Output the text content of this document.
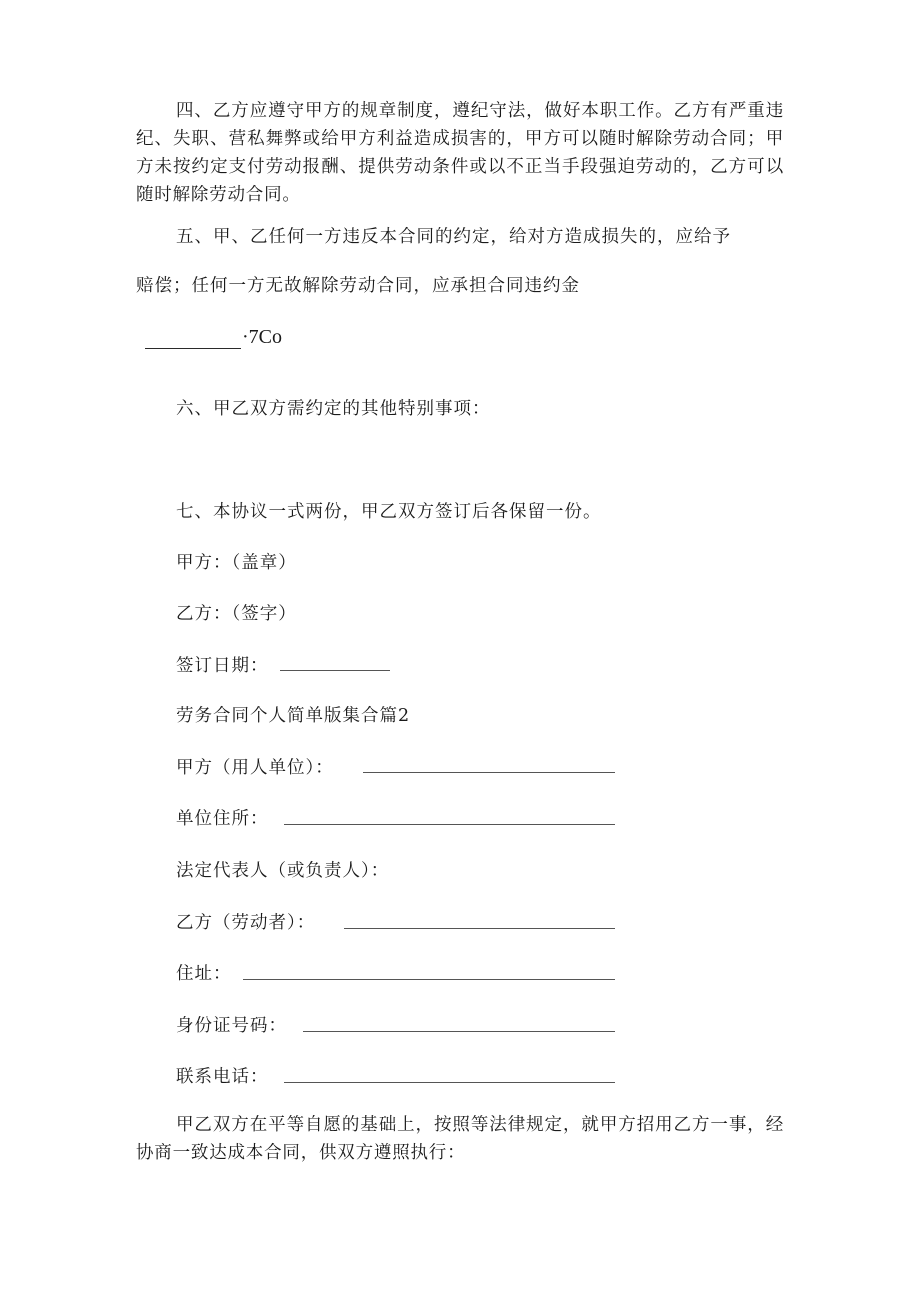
四、乙方应遵守甲方的规章制度，遵纪守法，做好本职工作。乙方有严重违纪、失职、营私舞弊或给甲方利益造成损害的，甲方可以随时解除劳动合同；甲方未按约定支付劳动报酬、提供劳动条件或以不正当手段强迫劳动的，乙方可以随时解除劳动合同。

五、甲、乙任何一方违反本合同的约定，给对方造成损失的，应给予

赔偿；任何一方无故解除劳动合同，应承担合同违约金

·7Co

六、甲乙双方需约定的其他特别事项：

七、本协议一式两份，甲乙双方签订后各保留一份。

甲方：（盖章）

乙方：（签字）

签订日期：

劳务合同个人简单版集合篇2

甲方（用人单位）：

单位住所：

法定代表人（或负责人）：

乙方（劳动者）：

住址：

身份证号码：

联系电话：

甲乙双方在平等自愿的基础上，按照等法律规定，就甲方招用乙方一事，经协商一致达成本合同，供双方遵照执行：
